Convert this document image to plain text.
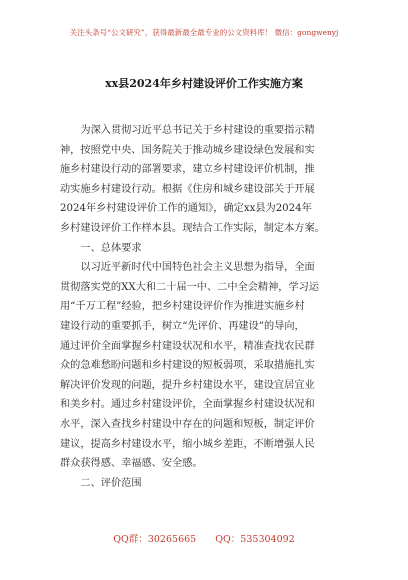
关注头条号“公文研究”，获得最新最全最专业的公文资料库！ 微信：gongwenyj
xx县2024年乡村建设评价工作实施方案

为深入贯彻习近平总书记关于乡村建设的重要指示精
神，按照党中央、国务院关于推动城乡建设绿色发展和实
施乡村建设行动的部署要求，建立乡村建设评价机制，推
动实施乡村建设行动。根据《住房和城乡建设部关于开展
2024年乡村建设评价工作的通知》，确定xx县为2024年
乡村建设评价工作样本县。现结合工作实际，制定本方案。

一、总体要求

以习近平新时代中国特色社会主义思想为指导，全面
贯彻落实党的XX大和二十届一中、二中全会精神，学习运
用“千万工程”经验，把乡村建设评价作为推进实施乡村
建设行动的重要抓手，树立“先评价、再建设”的导向，
通过评价全面掌握乡村建设状况和水平，精准查找农民群
众的急难愁盼问题和乡村建设的短板弱项，采取措施扎实
解决评价发现的问题，提升乡村建设水平，建设宜居宜业
和美乡村。通过乡村建设评价，全面掌握乡村建设状况和
水平，深入查找乡村建设中存在的问题和短板，制定评价
建议，提高乡村建设水平，缩小城乡差距，不断增强人民
群众获得感、幸福感、安全感。

二、评价范围

QQ群：30265665 QQ：535304092
